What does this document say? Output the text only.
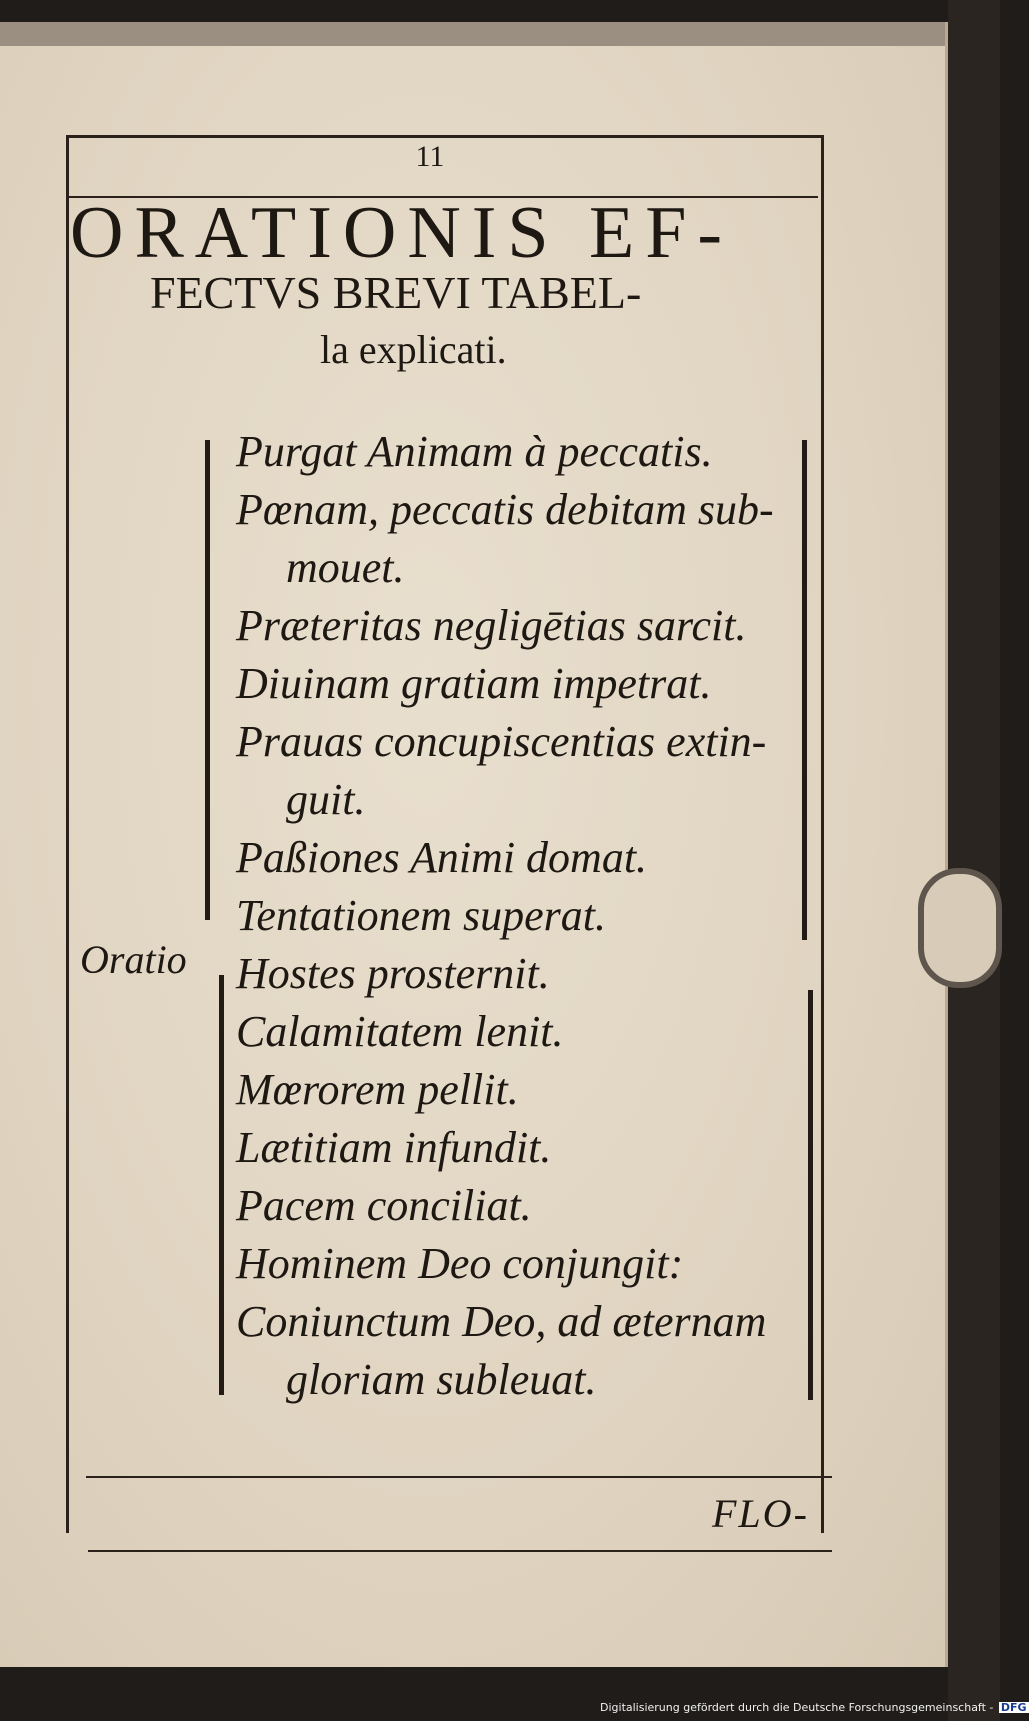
11
ORATIONIS EF-
FECTVS BREVI TABEL-
la explicati.
Oratio
Purgat Animam à peccatis.
Pœnam, peccatis debitam sub-
mouet.
Præteritas negligētias sarcit.
Diuinam gratiam impetrat.
Prauas concupiscentias extin-
guit.
Paßiones Animi domat.
Tentationem superat.
Hostes prosternit.
Calamitatem lenit.
Mœrorem pellit.
Lætitiam infundit.
Pacem conciliat.
Hominem Deo conjungit:
Coniunctum Deo, ad æternam
gloriam subleuat.
FLO-
Digitalisierung gefördert durch die Deutsche Forschungsgemeinschaft - DFG
